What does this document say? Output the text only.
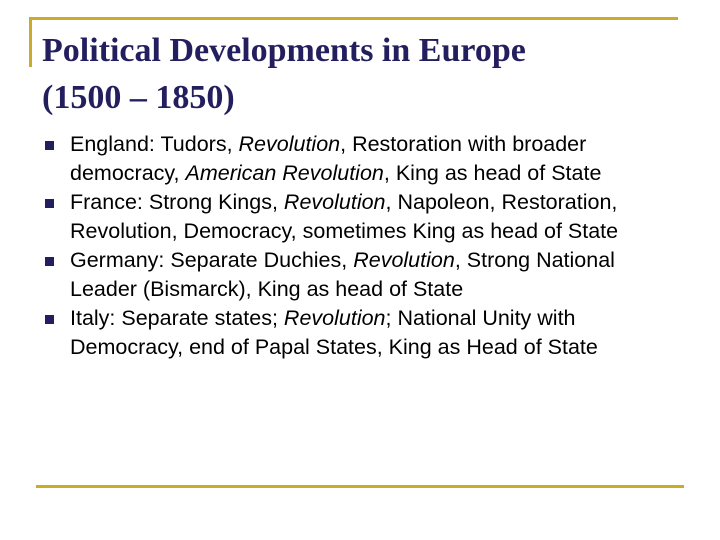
Political Developments in Europe
(1500 – 1850)
England: Tudors, Revolution, Restoration with broader democracy, American Revolution, King as head of State
France: Strong Kings, Revolution, Napoleon, Restoration, Revolution, Democracy, sometimes King as head of State
Germany: Separate Duchies, Revolution, Strong National Leader (Bismarck), King as head of State
Italy: Separate states; Revolution; National Unity with Democracy, end of Papal States, King as Head of State
